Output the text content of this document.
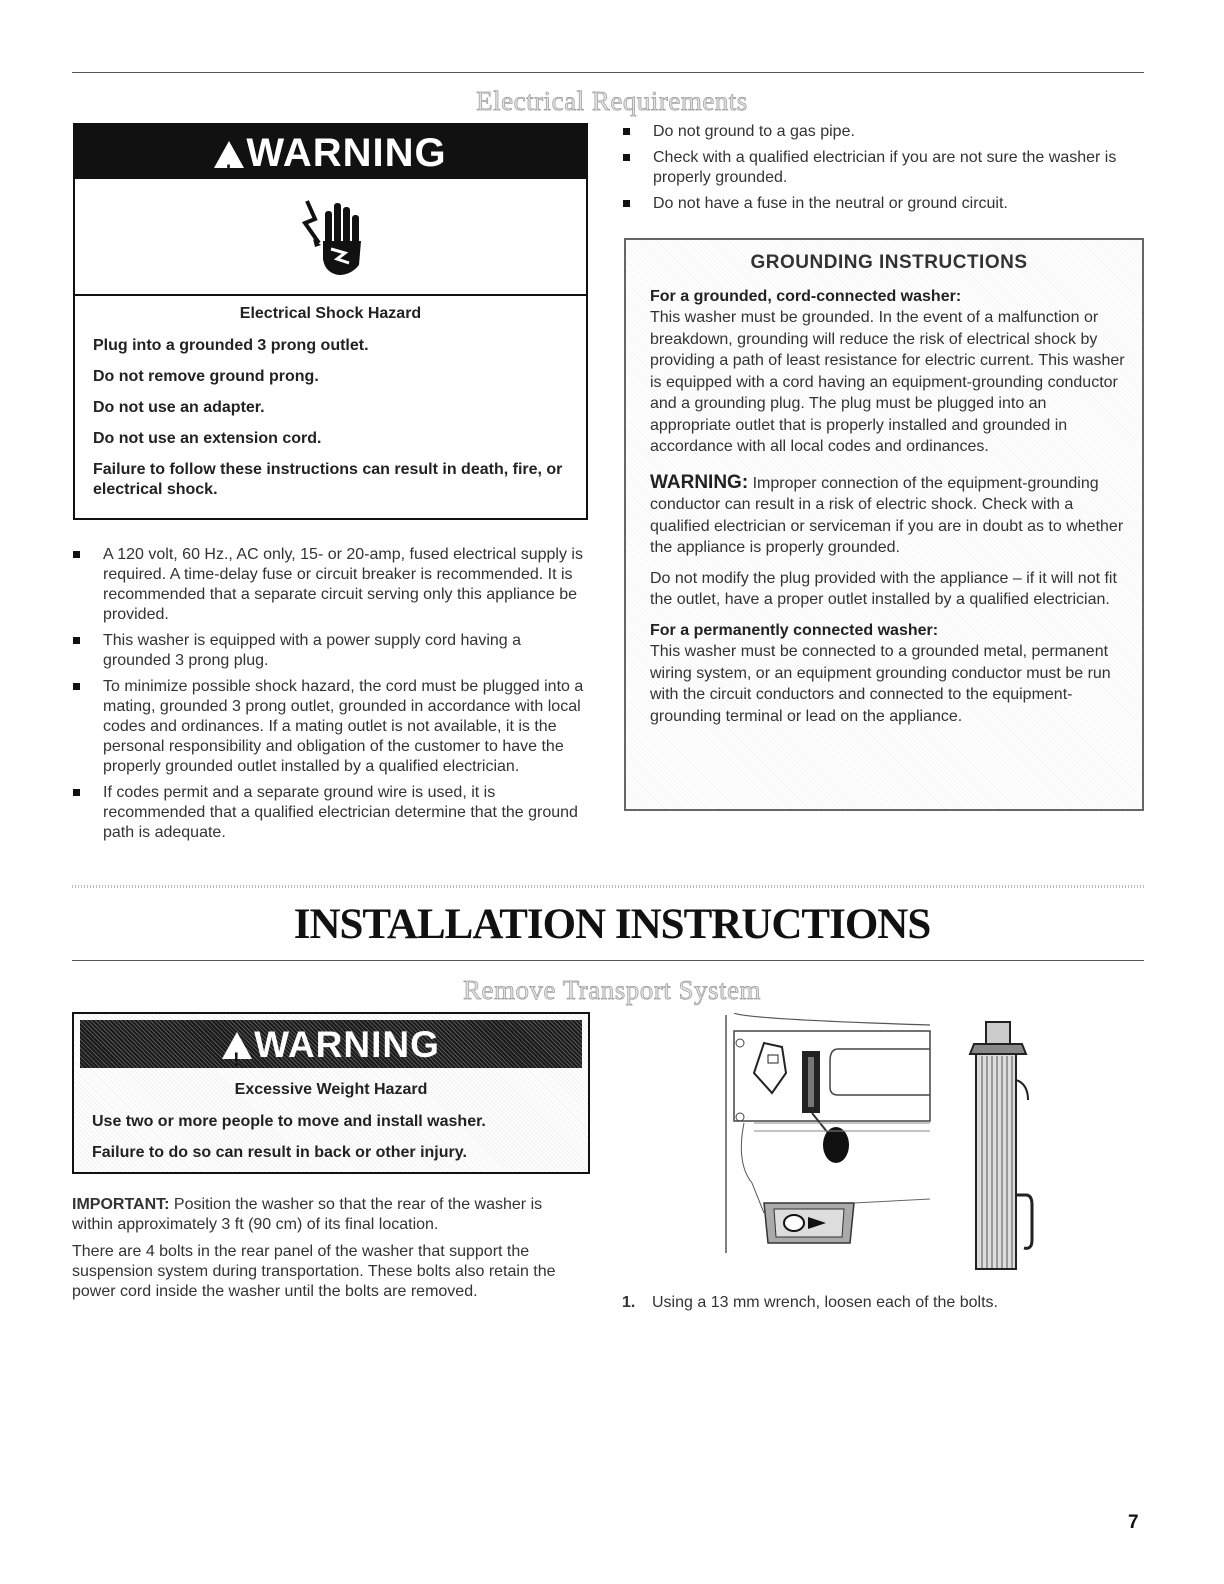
Electrical Requirements
!WARNING

Electrical Shock Hazard

Plug into a grounded 3 prong outlet.

Do not remove ground prong.

Do not use an adapter.

Do not use an extension cord.

Failure to follow these instructions can result in death, fire, or electrical shock.

A 120 volt, 60 Hz., AC only, 15- or 20-amp, fused electrical supply is required. A time-delay fuse or circuit breaker is recommended. It is recommended that a separate circuit serving only this appliance be provided.
This washer is equipped with a power supply cord having a grounded 3 prong plug.
To minimize possible shock hazard, the cord must be plugged into a mating, grounded 3 prong outlet, grounded in accordance with local codes and ordinances. If a mating outlet is not available, it is the personal responsibility and obligation of the customer to have the properly grounded outlet installed by a qualified electrician.
If codes permit and a separate ground wire is used, it is recommended that a qualified electrician determine that the ground path is adequate.
Do not ground to a gas pipe.
Check with a qualified electrician if you are not sure the washer is properly grounded.
Do not have a fuse in the neutral or ground circuit.
GROUNDING INSTRUCTIONS
For a grounded, cord-connected washer:

This washer must be grounded. In the event of a malfunction or breakdown, grounding will reduce the risk of electrical shock by providing a path of least resistance for electric current. This washer is equipped with a cord having an equipment-grounding conductor and a grounding plug. The plug must be plugged into an appropriate outlet that is properly installed and grounded in accordance with all local codes and ordinances.

WARNING: Improper connection of the equipment-grounding conductor can result in a risk of electric shock. Check with a qualified electrician or serviceman if you are in doubt as to whether the appliance is properly grounded.

Do not modify the plug provided with the appliance – if it will not fit the outlet, have a proper outlet installed by a qualified electrician.

For a permanently connected washer:

This washer must be connected to a grounded metal, permanent wiring system, or an equipment grounding conductor must be run with the circuit conductors and connected to the equipment-grounding terminal or lead on the appliance.

INSTALLATION INSTRUCTIONS
Remove Transport System
!WARNING

Excessive Weight Hazard

Use two or more people to move and install washer.

Failure to do so can result in back or other injury.

IMPORTANT: Position the washer so that the rear of the washer is within approximately 3 ft (90 cm) of its final location.

There are 4 bolts in the rear panel of the washer that support the suspension system during transportation. These bolts also retain the power cord inside the washer until the bolts are removed.

1. Using a 13 mm wrench, loosen each of the bolts.
7
